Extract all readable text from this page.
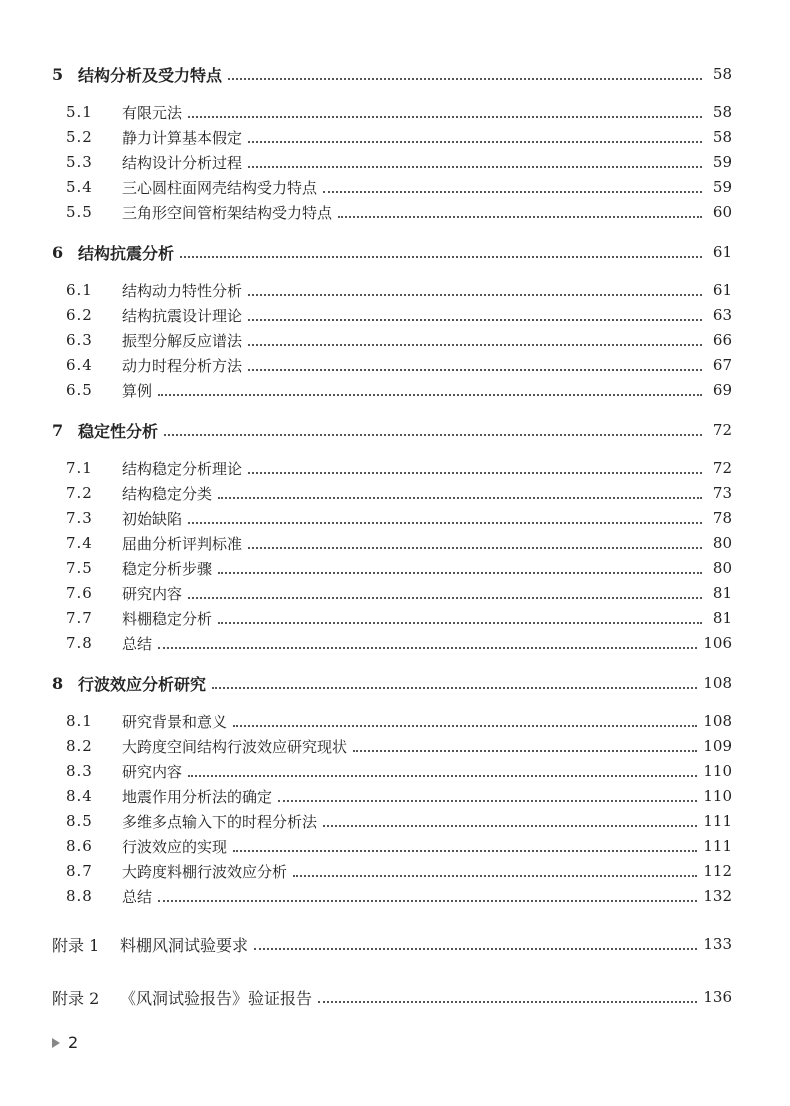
5 结构分析及受力特点	58
5.1	有限元法	58
5.2	静力计算基本假定	58
5.3	结构设计分析过程	59
5.4	三心圆柱面网壳结构受力特点	59
5.5	三角形空间管桁架结构受力特点	60
6 结构抗震分析	61
6.1	结构动力特性分析	61
6.2	结构抗震设计理论	63
6.3	振型分解反应谱法	66
6.4	动力时程分析方法	67
6.5	算例	69
7 稳定性分析	72
7.1	结构稳定分析理论	72
7.2	结构稳定分类	73
7.3	初始缺陷	78
7.4	屈曲分析评判标准	80
7.5	稳定分析步骤	80
7.6	研究内容	81
7.7	料棚稳定分析	81
7.8	总结	106
8 行波效应分析研究	108
8.1	研究背景和意义	108
8.2	大跨度空间结构行波效应研究现状	109
8.3	研究内容	110
8.4	地震作用分析法的确定	110
8.5	多维多点输入下的时程分析法	111
8.6	行波效应的实现	111
8.7	大跨度料棚行波效应分析	112
8.8	总结	132
附录 1	料棚风洞试验要求	133
附录 2	《风洞试验报告》验证报告	136
2
